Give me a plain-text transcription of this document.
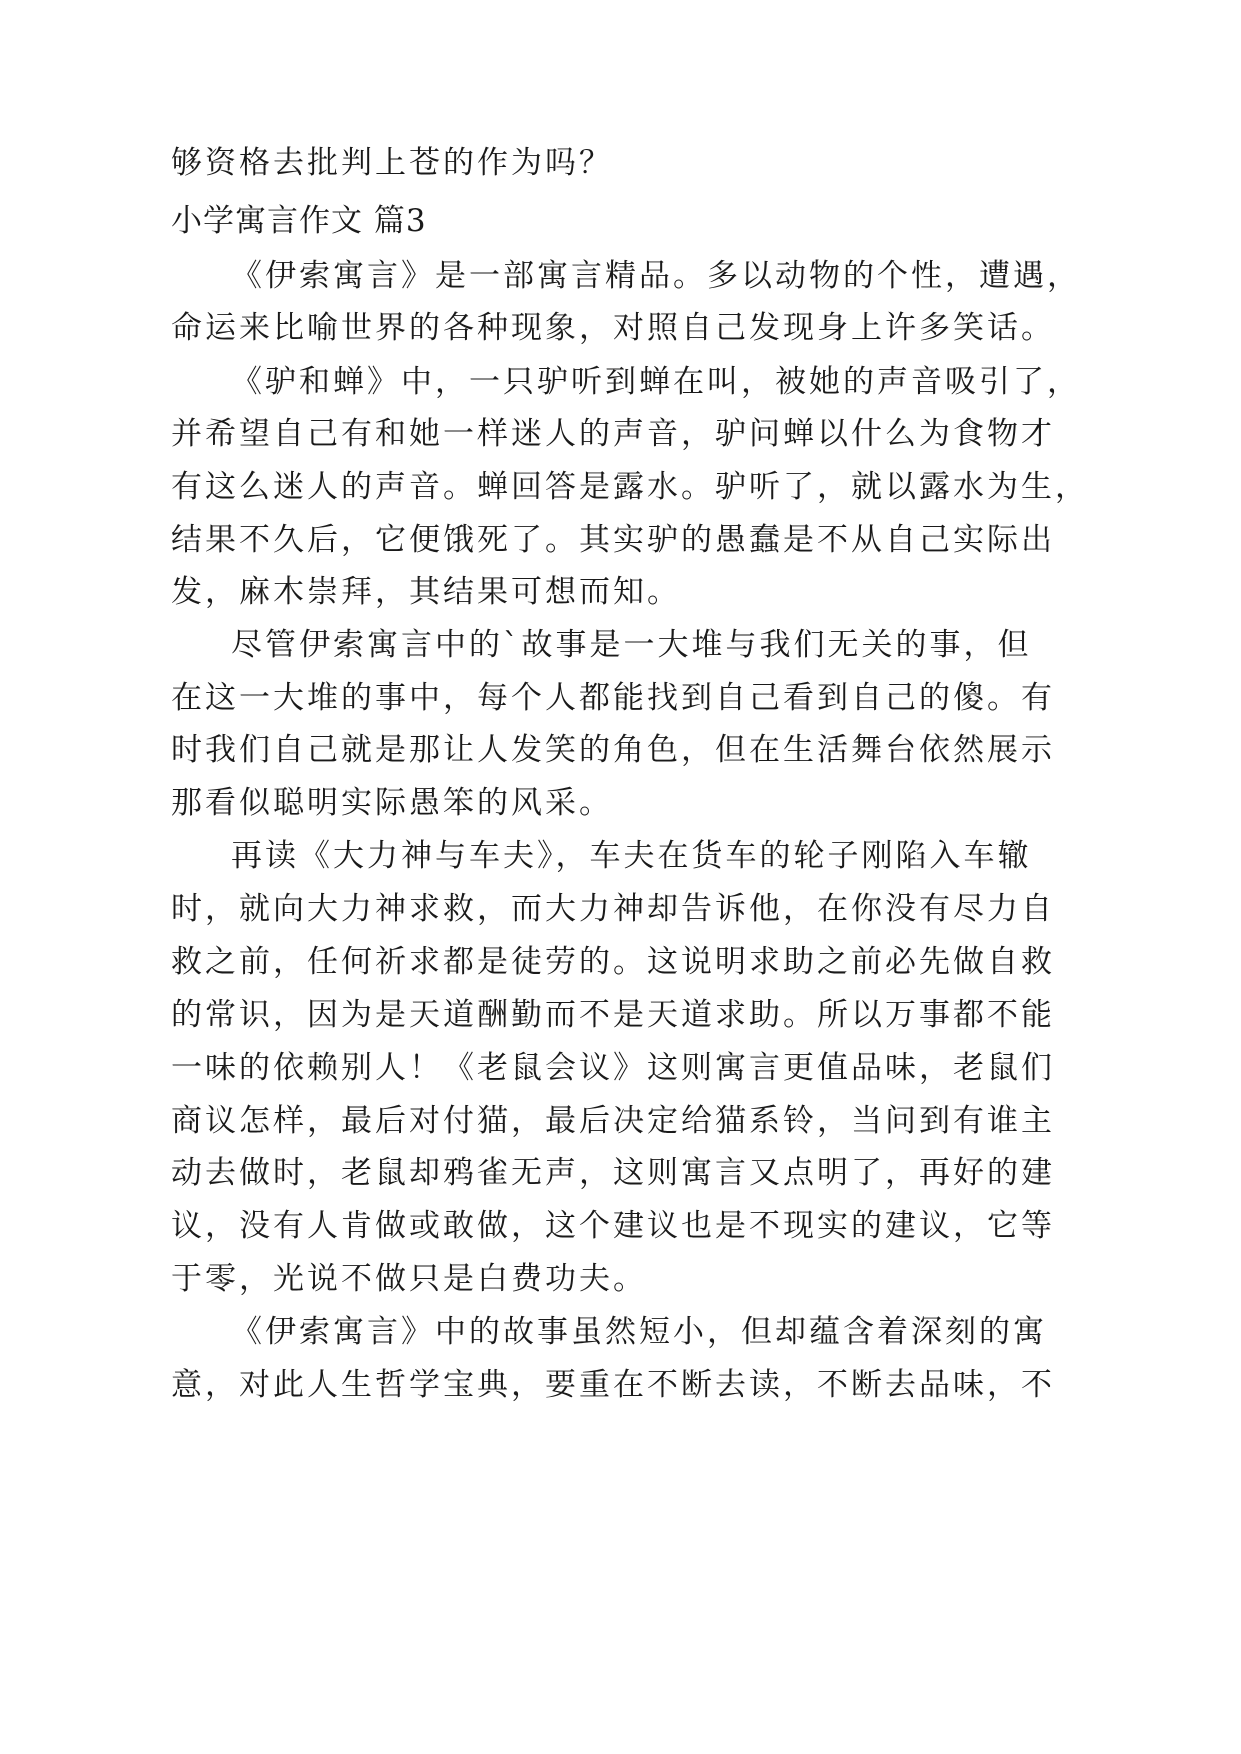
够资格去批判上苍的作为吗？
小学寓言作文 篇3
《伊索寓言》是一部寓言精品。多以动物的个性，遭遇，
命运来比喻世界的各种现象，对照自己发现身上许多笑话。
《驴和蝉》中，一只驴听到蝉在叫，被她的声音吸引了，
并希望自己有和她一样迷人的声音，驴问蝉以什么为食物才
有这么迷人的声音。蝉回答是露水。驴听了，就以露水为生，
结果不久后，它便饿死了。其实驴的愚蠢是不从自己实际出
发，麻木崇拜，其结果可想而知。
尽管伊索寓言中的`故事是一大堆与我们无关的事，但
在这一大堆的事中，每个人都能找到自己看到自己的傻。有
时我们自己就是那让人发笑的角色，但在生活舞台依然展示
那看似聪明实际愚笨的风采。
再读《大力神与车夫》，车夫在货车的轮子刚陷入车辙
时，就向大力神求救，而大力神却告诉他，在你没有尽力自
救之前，任何祈求都是徒劳的。这说明求助之前必先做自救
的常识，因为是天道酬勤而不是天道求助。所以万事都不能
一味的依赖别人！《老鼠会议》这则寓言更值品味，老鼠们
商议怎样，最后对付猫，最后决定给猫系铃，当问到有谁主
动去做时，老鼠却鸦雀无声，这则寓言又点明了，再好的建
议，没有人肯做或敢做，这个建议也是不现实的建议，它等
于零，光说不做只是白费功夫。
《伊索寓言》中的故事虽然短小，但却蕴含着深刻的寓
意，对此人生哲学宝典，要重在不断去读，不断去品味，不
